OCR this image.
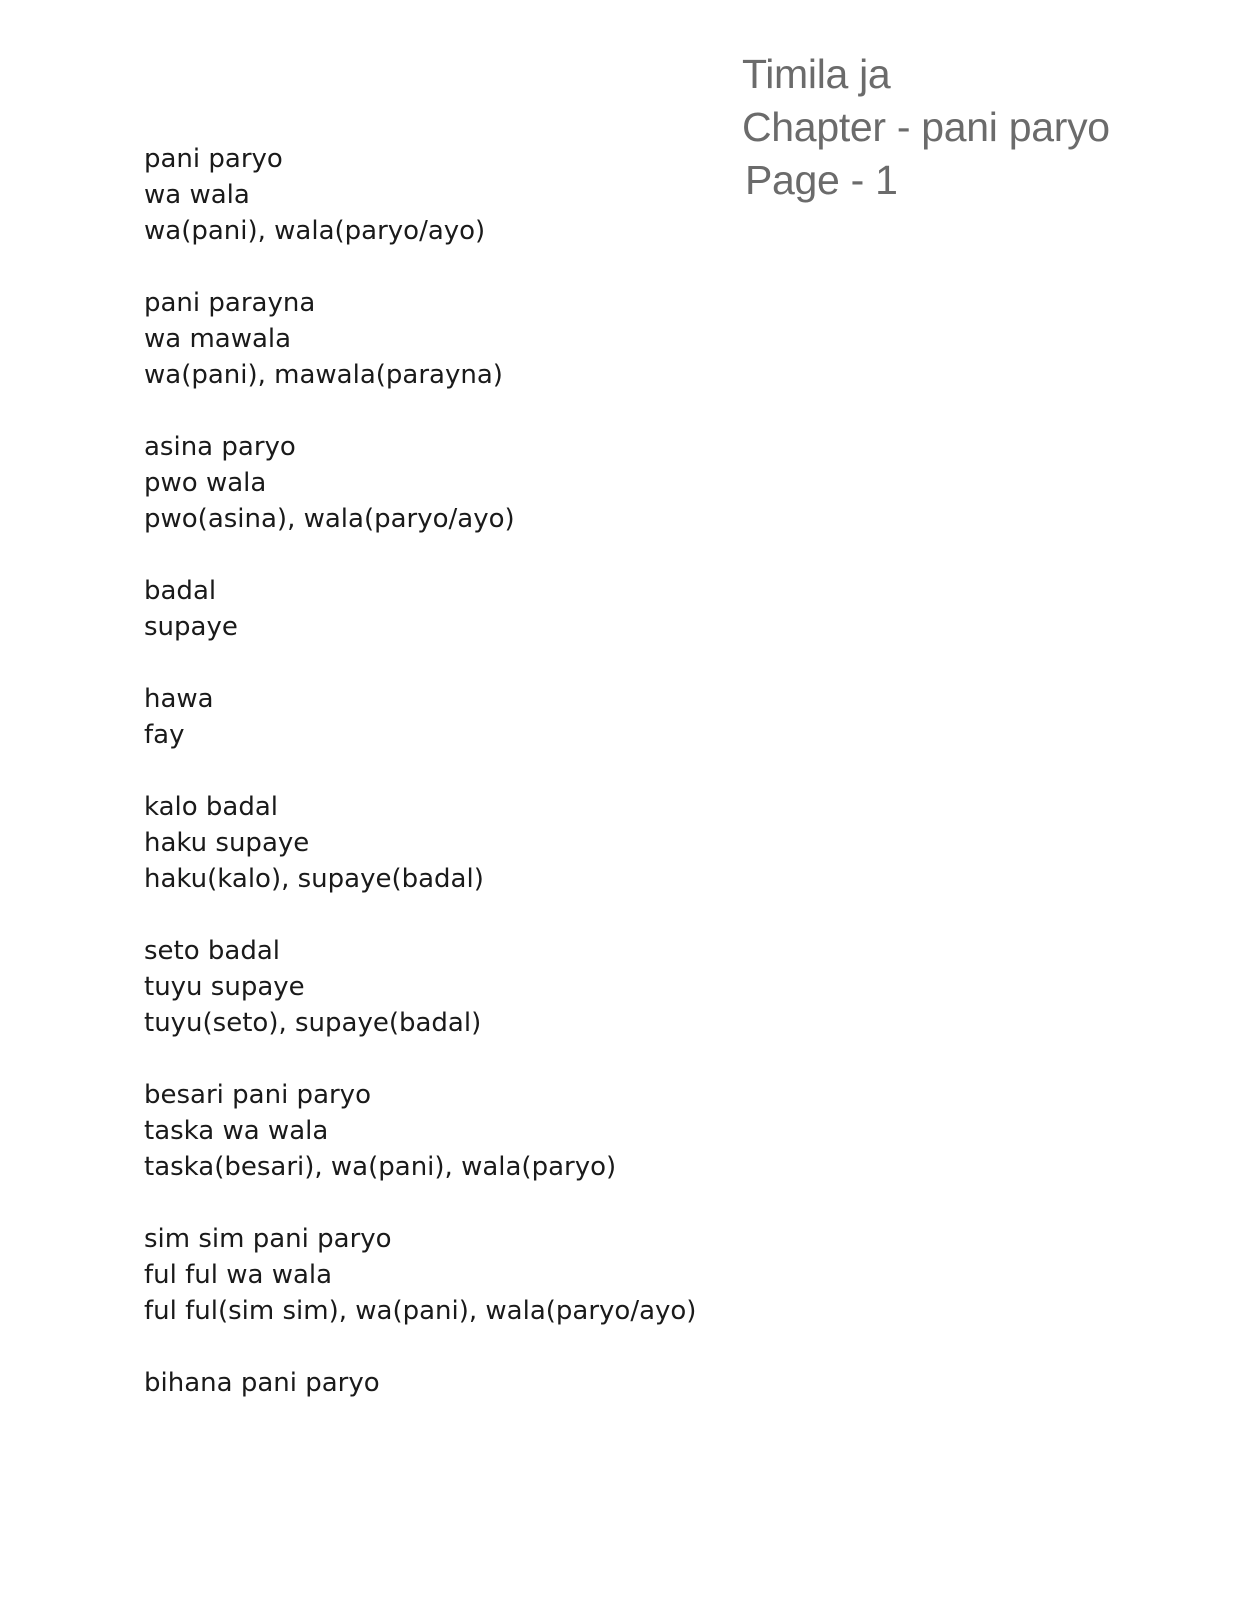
Timila ja
Chapter - pani paryo
Page - 1
pani paryo
wa wala
wa(pani), wala(paryo/ayo)
pani parayna
wa mawala
wa(pani), mawala(parayna)
asina paryo
pwo wala
pwo(asina), wala(paryo/ayo)
badal
supaye
hawa
fay
kalo badal
haku supaye
haku(kalo), supaye(badal)
seto badal
tuyu supaye
tuyu(seto), supaye(badal)
besari pani paryo
taska wa wala
taska(besari), wa(pani), wala(paryo)
sim sim pani paryo
ful ful wa wala
ful ful(sim sim), wa(pani), wala(paryo/ayo)
bihana pani paryo
